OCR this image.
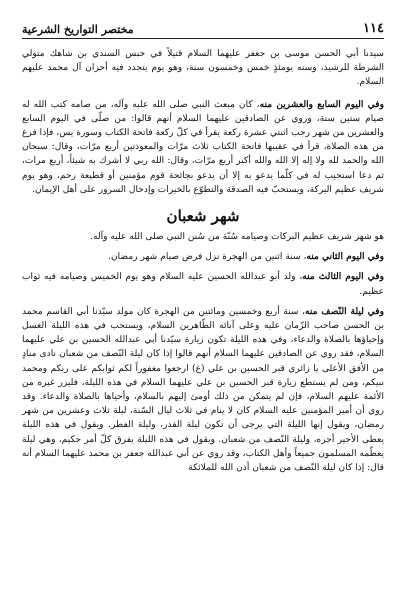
١١٤
مختصر التواريخ الشرعية

سيدنا أبي الحسن موسى بن جعفر عليهما السلام قتيلاً في حبس السندي بن شاهك متولي الشرطة للرشيد، وسنه يومئذٍ خمس وخمسون سنة، وهو يوم يتجدد فيه أحزان آل محمد عليهم السلام.

وفي اليوم السابع والعشرين منه، كان مبعث النبي صلى الله عليه وآله، من صامه كتب الله له صيام ستين سنة، وروي عن الصادقين عليهما السلام أنهم قالوا: من صلّى في اليوم السابع والعشرين من شهر رجب اثنتي عشرة ركعة يقرأ في كلّ ركعة فاتحة الكتاب وسورة يس، فإذا فرغ من هذه الصلاة، قرأ في عقيبها فاتحة الكتاب ثلاث مرّات والمعوذتين أربع مرّات، وقال: سبحان الله والحمد لله ولا إله إلا الله والله أكبر أربع مرّات، وقال: الله ربي لا أشرك به شيئاً، أربع مرات، ثم دعا استجيب له في كلّما يدعو به إلا أن يدعو بجائحة قوم مؤمنين أو قطيعة رحم، وهو يوم شريف عظيم البركة، ويستحبّ فيه الصدقة والتطوّع بالخيرات وإدخال السرور على أهل الإيمان.

شهر شعبان

هو شهر شريف عظيم البركات وصيامه سُنّة من سُنن النبي صلى الله عليه وآله.

وفي اليوم الثاني منه، سنة اثنين من الهجرة نزل فرض صيام شهر رمضان.

وفي اليوم الثالث منه، ولد أبو عبدالله الحسين عليه السلام وهو يوم الخميس وصيامه فيه ثواب عظيم.

وفي ليلة النّصف منه، سنة أربع وخمسين ومائتين من الهجرة كان مولد سيّدنا أبي القاسم محمد بن الحسن صاحب الزّمان عليه وعلى آبائه الطّاهرين السلام، ويستحب في هذه الليلة الغسل وإحياؤها بالصلاة والدعاء، وفي هذه الليلة تكون زيارة سيّدنا أبي عبدالله الحسين بن علي عليهما السلام، فقد روي عن الصادقين عليهما السلام أنهم قالوا إذا كان ليلة النّصف من شعبان نادى منادٍ من الأفق الأعلى يا زائري قبر الحسين بن علي (ع) ارجعوا مغفوراً لكم ثوابكم على ربكم ومحمد نبيكم، ومن لم يستطع زيارة قبر الحسين بن علي عليهما السلام في هذه الليلة، فليزر غيره من الأئمة عليهم السلام، فإن لم يتمكن من ذلك أومئ إليهم بالسلام، وأحياها بالصلاة والدعاء. وقد روي أن أمير المؤمنين عليه السلام كان لا ينام في ثلاث ليال السّنة، ليلة ثلاث وعشرين من شهر رمضان، ويقول إنها الليلة التي يرجى أن تكون ليلة القدر، وليلة الفطر. ويقول في هذه الليلة يعطى الأجير أجره، وليلة النّصف من شعبان. ويقول في هذه الليلة يفرق كلّ أمر حكيم، وهي ليلة يعظّمه المسلمون جميعاً وأهل الكتاب، وقد روي عن أبي عبدالله جعفر بن محمد عليهما السلام أنه قال: إذا كان ليلة النّصف من شعبان أذن الله للملائكة
